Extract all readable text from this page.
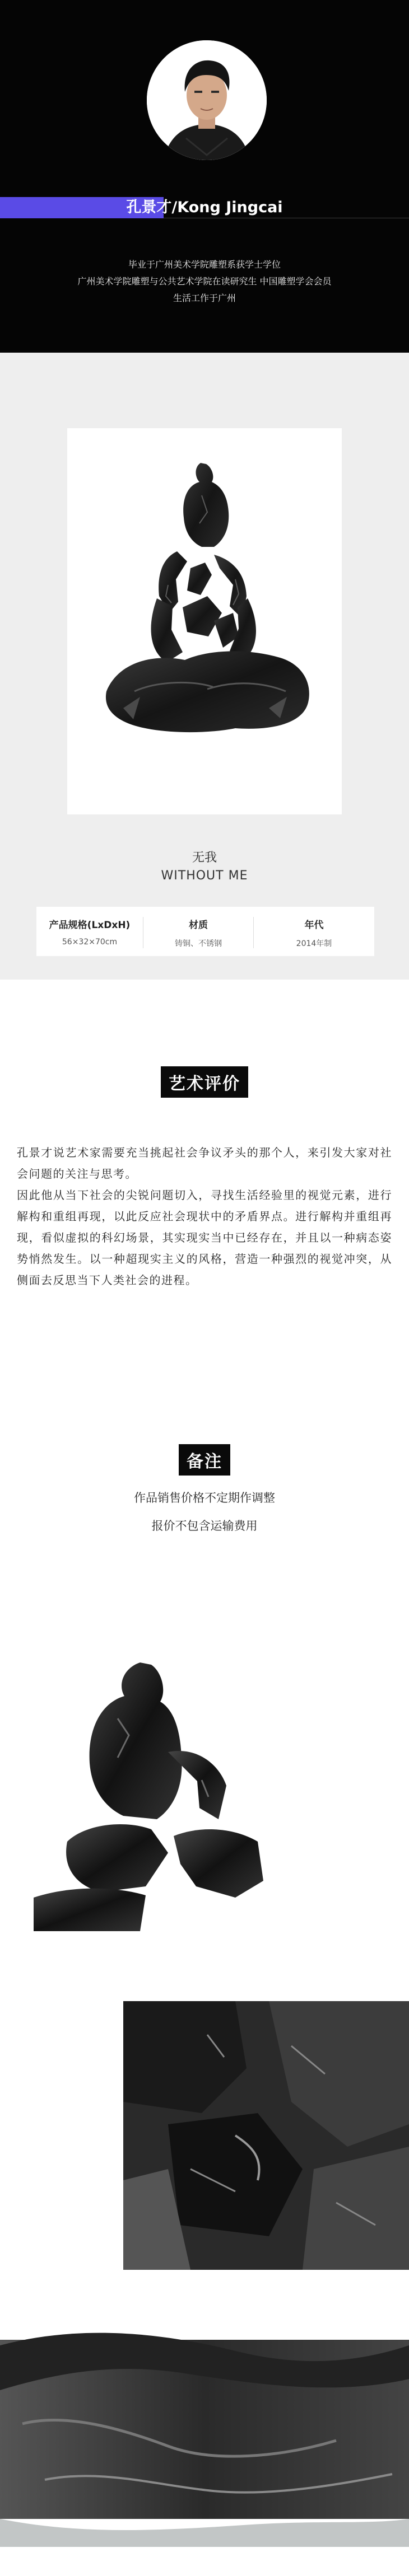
孔景才/Kong Jingcai
毕业于广州美术学院雕塑系获学士学位
广州美术学院雕塑与公共艺术学院在读研究生 中国雕塑学会会员
生活工作于广州
无我
WITHOUT ME
产品规格(LxDxH)
56×32×70cm
材质
铸铜、不锈钢
年代
2014年制
艺术评价
孔景才说艺术家需要充当挑起社会争议矛头的那个人，来引发大家对社会问题的关注与思考。
因此他从当下社会的尖锐问题切入，寻找生活经验里的视觉元素，进行解构和重组再现，以此反应社会现状中的矛盾界点。进行解构并重组再现，看似虚拟的科幻场景，其实现实当中已经存在，并且以一种病态姿势悄然发生。以一种超现实主义的风格，营造一种强烈的视觉冲突，从侧面去反思当下人类社会的进程。
备注
作品销售价格不定期作调整
报价不包含运输费用
